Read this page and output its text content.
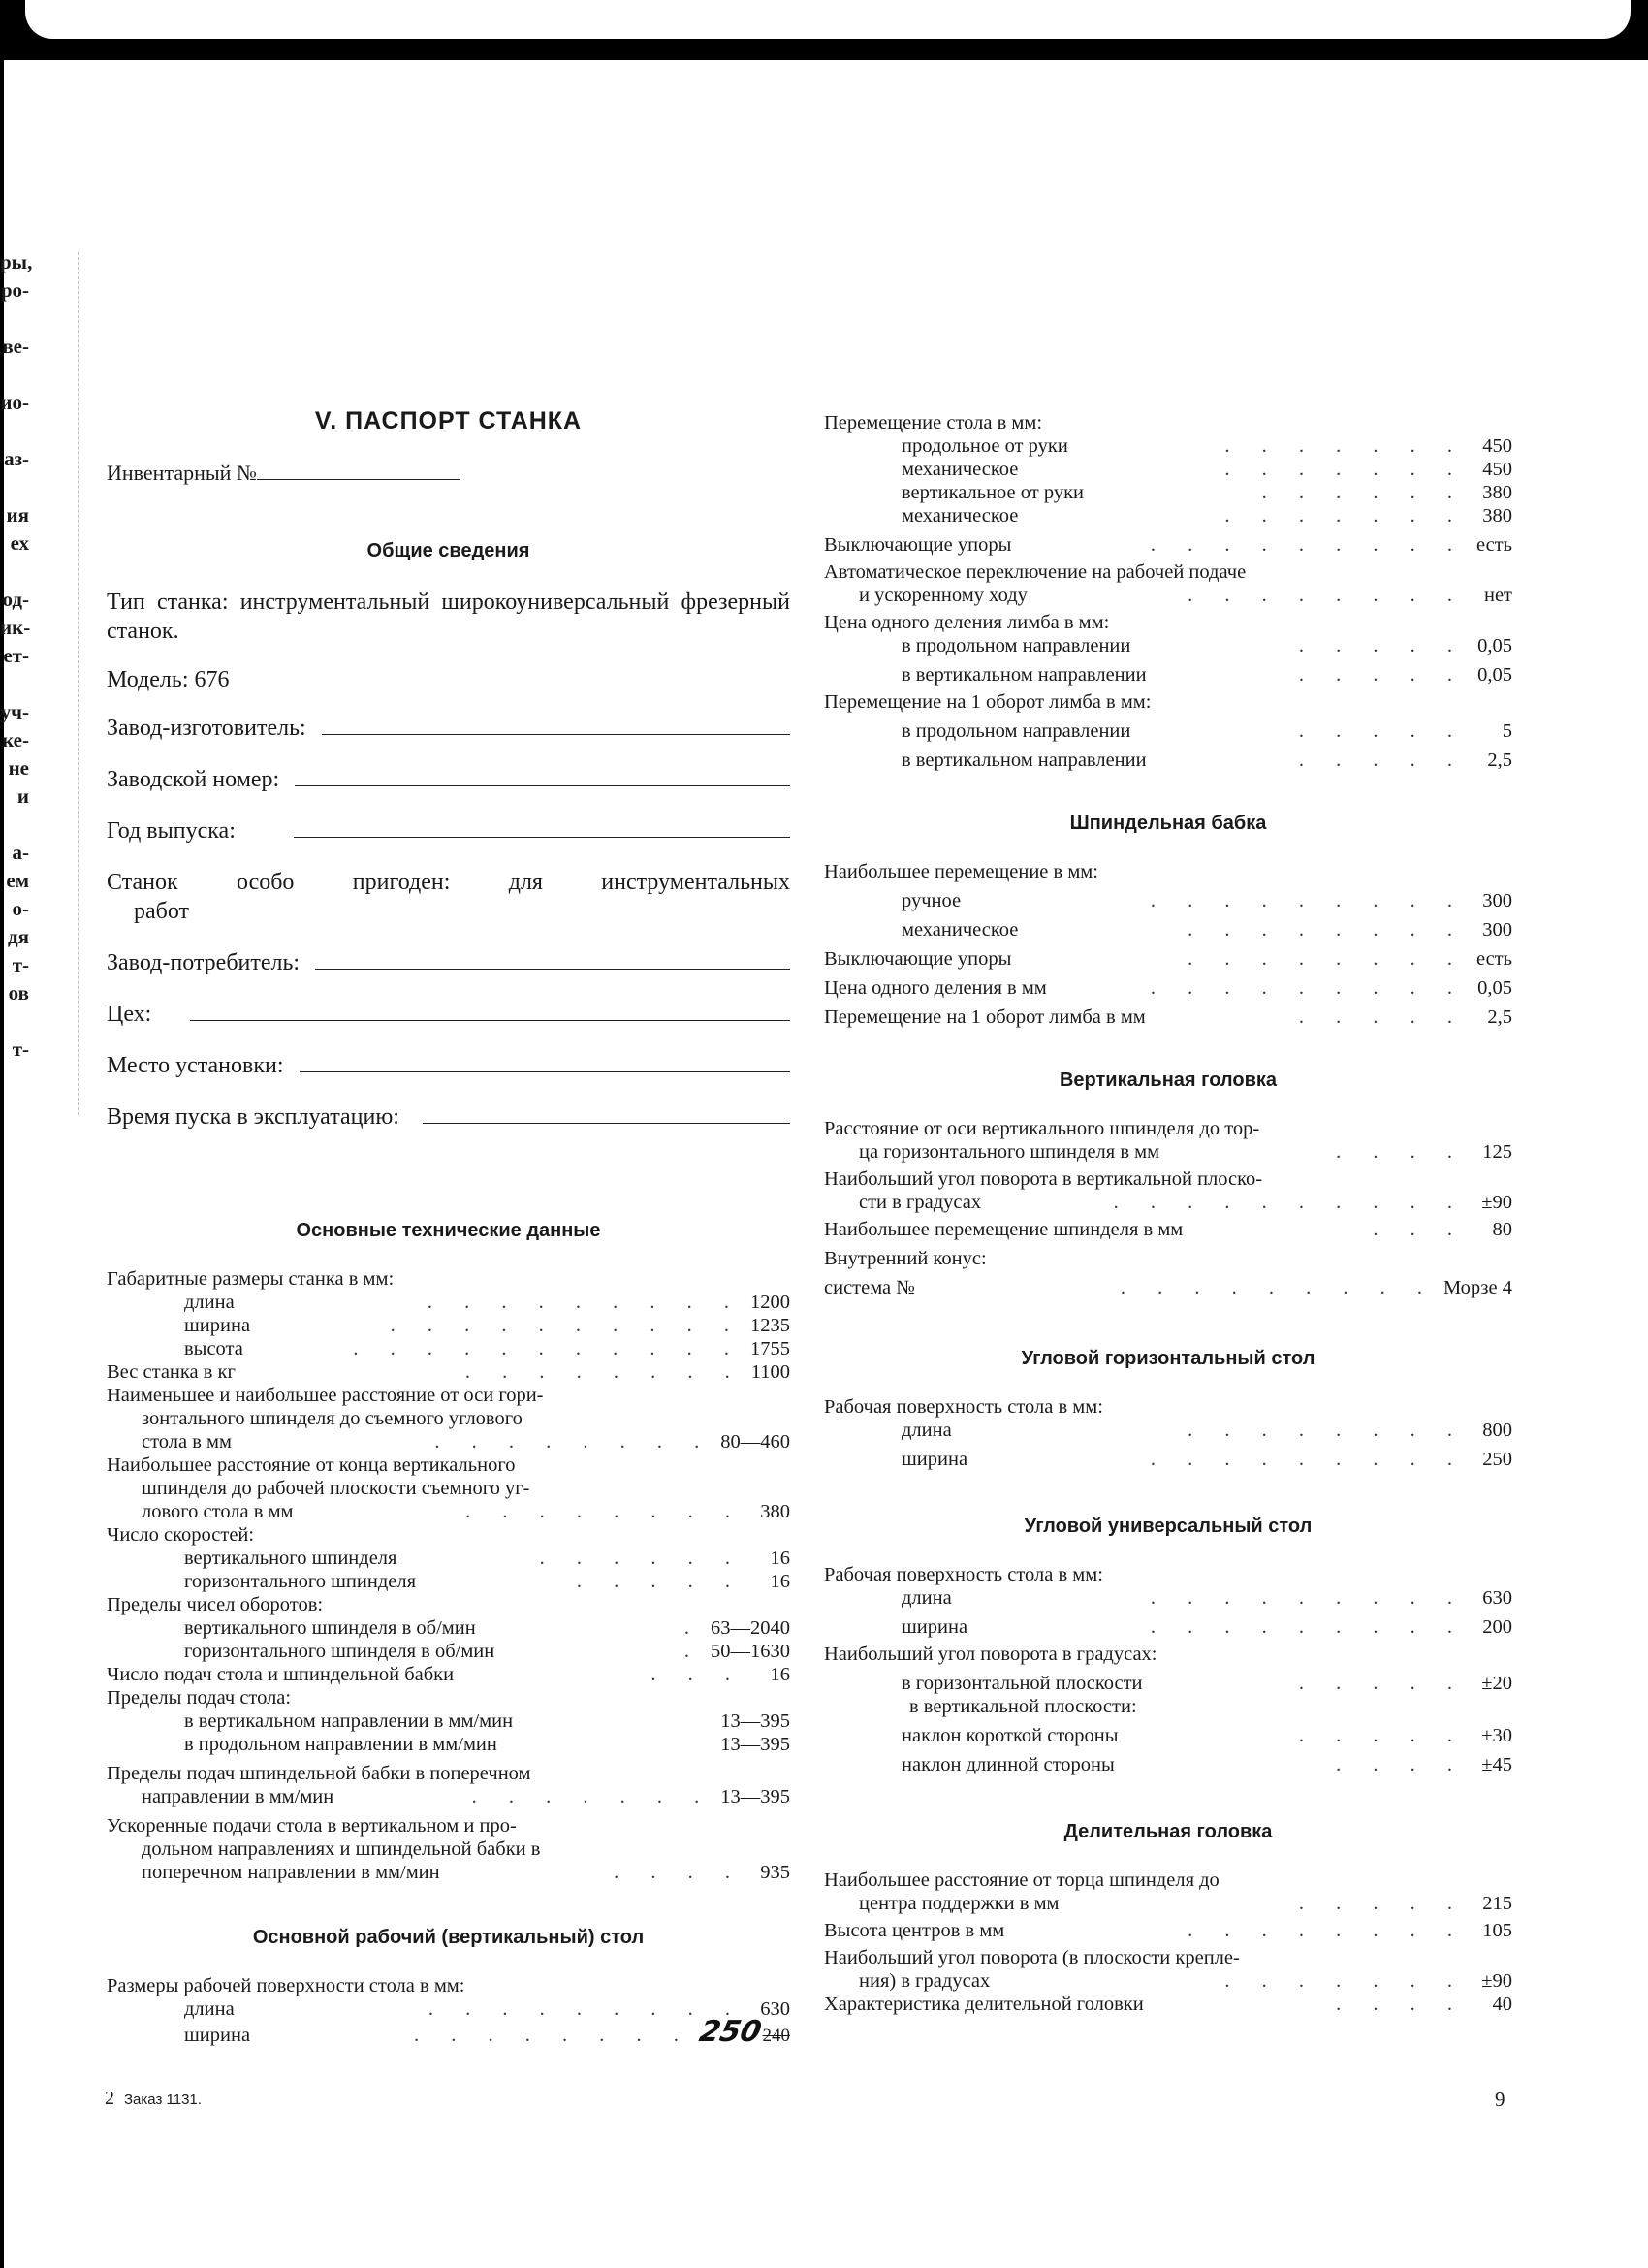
ры,
ро-
ве-
ио-
аз-
ия
ех
од-
ик-
ет-
уч-
ке-
не
и
а-
ем
о-
дя
т-
ов
т-
V. ПАСПОРТ СТАНКА
Инвентарный №
Общие сведения
Тип станка: инструментальный широкоуниверсальный фрезерный станок.
Модель: 676
Завод-изготовитель:
Заводской номер:
Год выпуска:
Станок особо пригоден: для инструментальных
работ
Завод-потребитель:
Цех:
Место установки:
Время пуска в эксплуатацию:
Основные технические данные
Габаритные размеры станка в мм:
длина	. . . . . . . . . 1200
ширина	. . . . . . . . . . 1235
высота	. . . . . . . . . . . 1755
Вес станка в кг	. . . . . . . . 1100
Наименьшее и наибольшее расстояние от оси гори-
зонтального шпинделя до съемного углового
стола в мм	. . . . . . . . 80—460
Наибольшее расстояние от конца вертикального
шпинделя до рабочей плоскости съемного уг-
лового стола в мм	. . . . . . . . 380
Число скоростей:
вертикального шпинделя	. . . . . .	16
горизонтального шпинделя	. . . . .	16
Пределы чисел оборотов:
вертикального шпинделя в об/мин	. 63—2040
горизонтального шпинделя в об/мин	. 50—1630
Число подач стола и шпиндельной бабки	. . .	16
Пределы подач стола:
в вертикальном направлении в мм/мин	13—395
в продольном направлении в мм/мин	13—395
Пределы подач шпиндельной бабки в поперечном
направлении в мм/мин	. . . . . . . 13—395
Ускоренные подачи стола в вертикальном и про-
дольном направлениях и шпиндельной бабки в
поперечном направлении в мм/мин	. . . . 935
Основной рабочий (вертикальный) стол
Размеры рабочей поверхности стола в мм:
длина	. . . . . . . . . 630
ширина	. . . . . . . . 250240
Перемещение стола в мм:
продольное от руки	. . . . . . . 450
механическое	. . . . . . . 450
вертикальное от руки	. . . . . . 380
механическое	. . . . . . . 380
Выключающие упоры	. . . . . . . . . есть
Автоматическое переключение на рабочей подаче
и ускоренному ходу	. . . . . . . . нет
Цена одного деления лимба в мм:
в продольном направлении	. . . . . 0,05
в вертикальном направлении	. . . . . 0,05
Перемещение на 1 оборот лимба в мм:
в продольном направлении	. . . . .	5
в вертикальном направлении	. . . . .	2,5
Шпиндельная бабка
Наибольшее перемещение в мм:
ручное	. . . . . . . . . 300
механическое	. . . . . . . . 300
Выключающие упоры	. . . . . . . . есть
Цена одного деления в мм	. . . . . . . . . 0,05
Перемещение на 1 оборот лимба в мм	. . . . .	2,5
Вертикальная головка
Расстояние от оси вертикального шпинделя до тор-
ца горизонтального шпинделя в мм	. . . . 125
Наибольший угол поворота в вертикальной плоско-
сти в градусах	. . . . . . . . . . ±90
Наибольшее перемещение шпинделя в мм	. . .	80
Внутренний конус:
система №	. . . . . . . . . Морзе 4
Угловой горизонтальный стол
Рабочая поверхность стола в мм:
длина	. . . . . . . . 800
ширина	. . . . . . . . . 250
Угловой универсальный стол
Рабочая поверхность стола в мм:
длина	. . . . . . . . . 630
ширина	. . . . . . . . . 200
Наибольший угол поворота в градусах:
в горизонтальной плоскости	. . . . . ±20
в вертикальной плоскости:
наклон короткой стороны	. . . . . ±30
наклон длинной стороны	. . . . ±45
Делительная головка
Наибольшее расстояние от торца шпинделя до
центра поддержки в мм	. . . . . 215
Высота центров в мм	. . . . . . . . 105
Наибольший угол поворота (в плоскости крепле-
ния) в градусах	. . . . . . . ±90
Характеристика делительной головки	. . . .	40
2 Заказ 1131.	9
